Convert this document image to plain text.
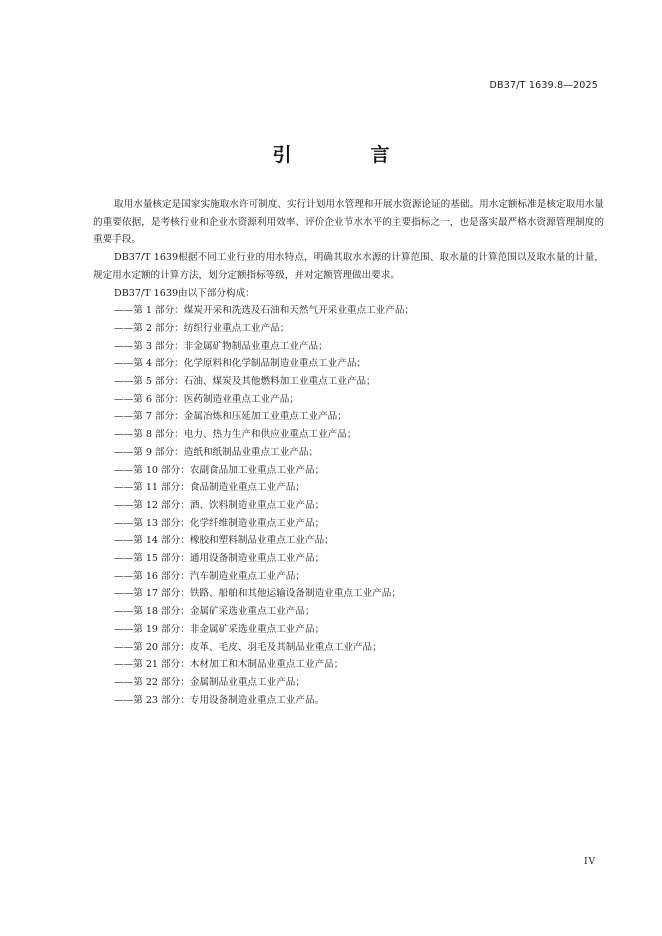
DB37/T 1639.8—2025
引　言

取用水量核定是国家实施取水许可制度、实行计划用水管理和开展水资源论证的基础。用水定额标准是核定取用水量的重要依据，是考核行业和企业水资源利用效率、评价企业节水水平的主要指标之一，也是落实最严格水资源管理制度的重要手段。

DB37/T 1639根据不同工业行业的用水特点，明确其取水水源的计算范围、取水量的计算范围以及取水量的计量，规定用水定额的计算方法，划分定额指标等级，并对定额管理做出要求。

DB37/T 1639由以下部分构成：

——第 1 部分：煤炭开采和洗选及石油和天然气开采业重点工业产品；
——第 2 部分：纺织行业重点工业产品；
——第 3 部分：非金属矿物制品业重点工业产品；
——第 4 部分：化学原料和化学制品制造业重点工业产品；
——第 5 部分：石油、煤炭及其他燃料加工业重点工业产品；
——第 6 部分：医药制造业重点工业产品；
——第 7 部分：金属冶炼和压延加工业重点工业产品；
——第 8 部分：电力、热力生产和供应业重点工业产品；
——第 9 部分：造纸和纸制品业重点工业产品；
——第 10 部分：农副食品加工业重点工业产品；
——第 11 部分：食品制造业重点工业产品；
——第 12 部分：酒、饮料制造业重点工业产品；
——第 13 部分：化学纤维制造业重点工业产品；
——第 14 部分：橡胶和塑料制品业重点工业产品；
——第 15 部分：通用设备制造业重点工业产品；
——第 16 部分：汽车制造业重点工业产品；
——第 17 部分：铁路、船舶和其他运输设备制造业重点工业产品；
——第 18 部分：金属矿采选业重点工业产品；
——第 19 部分：非金属矿采选业重点工业产品；
——第 20 部分：皮革、毛皮、羽毛及其制品业重点工业产品；
——第 21 部分：木材加工和木制品业重点工业产品；
——第 22 部分：金属制品业重点工业产品；
——第 23 部分：专用设备制造业重点工业产品。
IV
